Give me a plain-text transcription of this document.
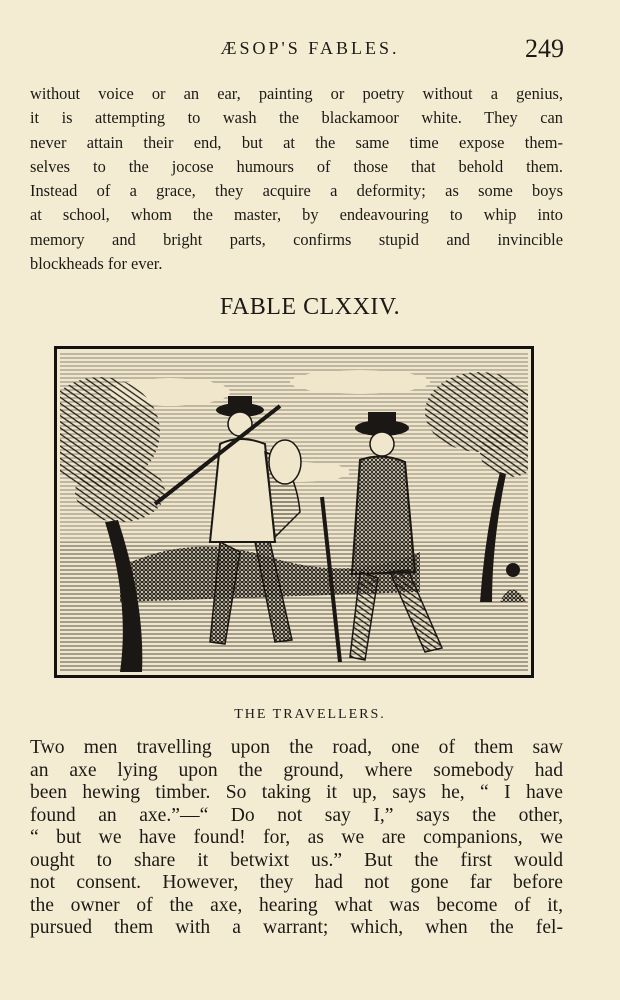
ÆSOP'S FABLES.	249

without voice or an ear, painting or poetry without a genius,
it is attempting to wash the blackamoor white. They can
never attain their end, but at the same time expose them-
selves to the jocose humours of those that behold them.
Instead of a grace, they acquire a deformity; as some boys
at school, whom the master, by endeavouring to whip into
memory and bright parts, confirms stupid and invincible
blockheads for ever.

FABLE CLXXIV.
THE TRAVELLERS.

Two men travelling upon the road, one of them saw
an axe lying upon the ground, where somebody had
been hewing timber. So taking it up, says he, “ I have
found an axe.”—“ Do not say I,” says the other,
“ but we have found! for, as we are companions, we
ought to share it betwixt us.” But the first would
not consent. However, they had not gone far before
the owner of the axe, hearing what was become of it,
pursued them with a warrant; which, when the fel-
